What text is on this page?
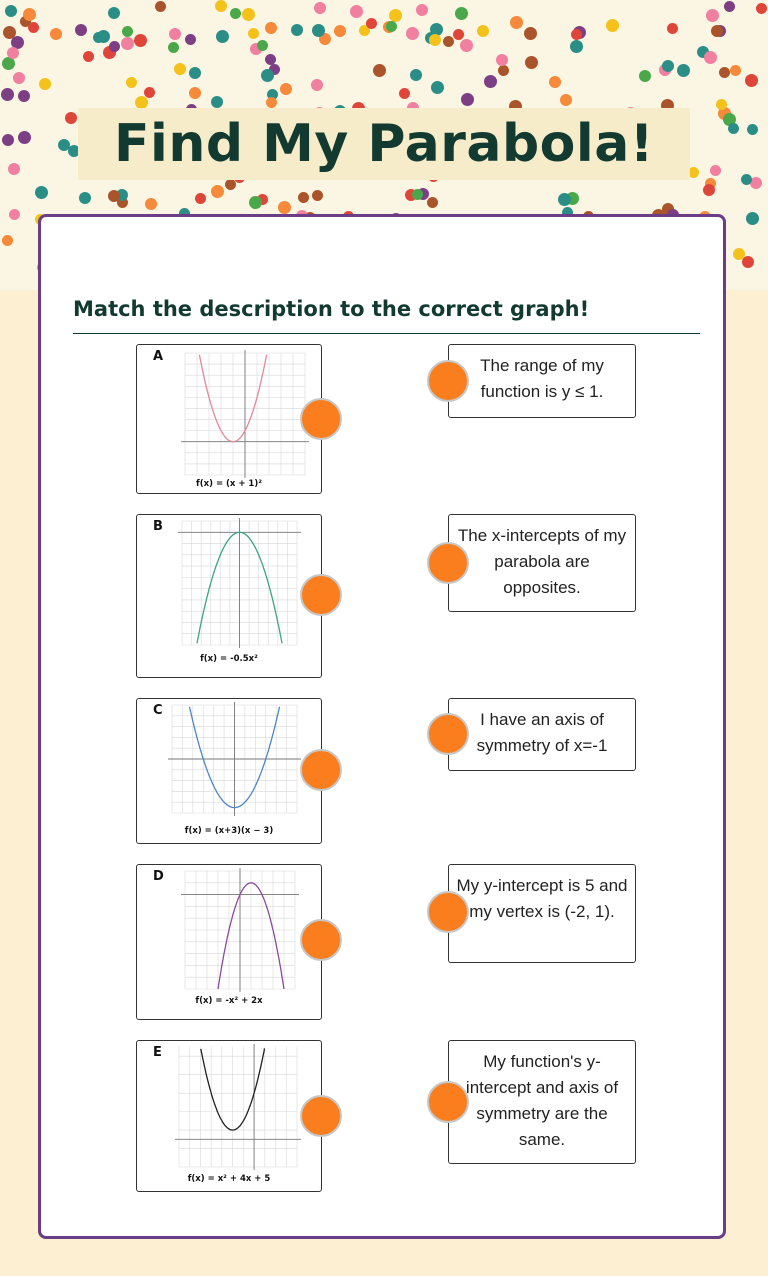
Find My Parabola!
Match the description to the correct graph!
A
f(x) = (x + 1)²
B
f(x) = -0.5x²
C
f(x) = (x+3)(x − 3)
D
f(x) = -x² + 2x
E
f(x) = x² + 4x + 5
The range of my function is y ≤ 1.
The x-intercepts of my parabola are opposites.
I have an axis of symmetry of x=-1
My y-intercept is 5 and my vertex is (-2, 1).
My function's y-intercept and axis of symmetry are the same.
